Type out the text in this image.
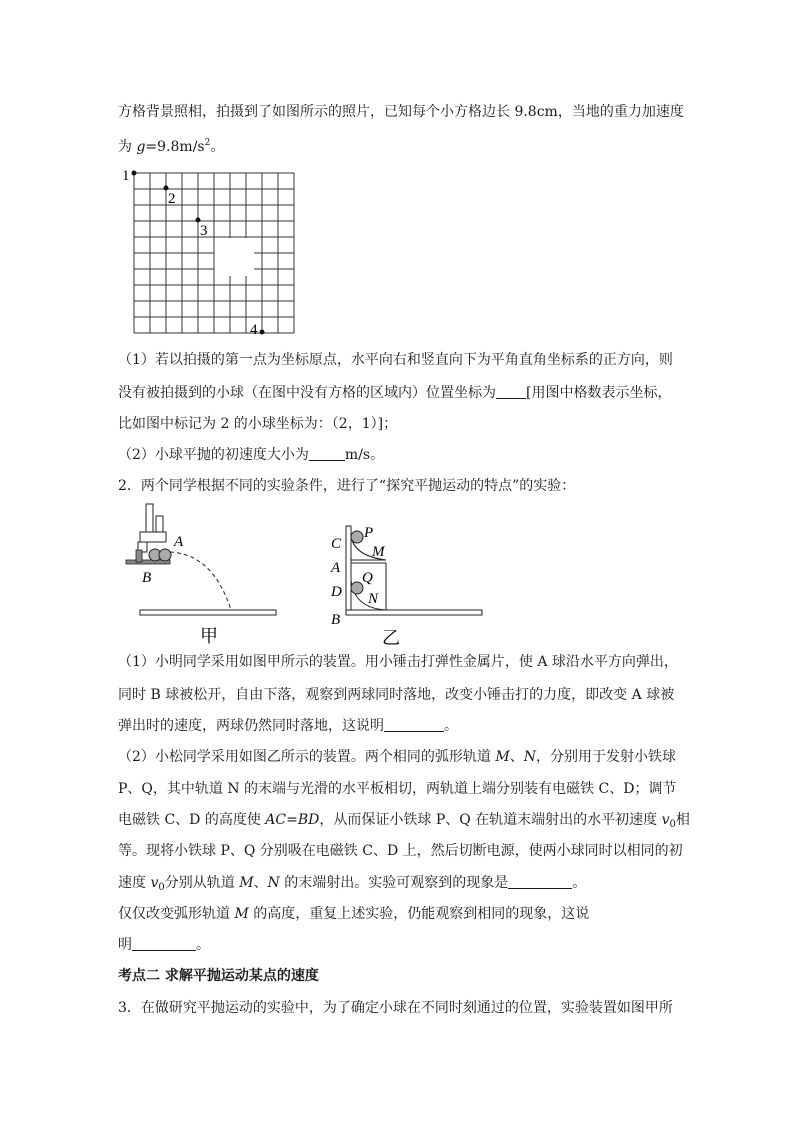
方格背景照相，拍摄到了如图所示的照片，已知每个小方格边长 9.8cm，当地的重力加速度
为 $g=9.8m/s^2$。
1
2
3
4
（1）若以拍摄的第一点为坐标原点，水平向右和竖直向下为平角直角坐标系的正方向，则
没有被拍摄到的小球（在图中没有方格的区域内）位置坐标为 [用图中格数表示坐标，
比如图中标记为 2 的小球坐标为：（2，1）]；
（2）小球平抛的初速度大小为	m/s。
2．两个同学根据不同的实验条件，进行了“探究平抛运动的特点”的实验：
A
B
甲
C
P
M
A
Q
D N
B
乙
（1）小明同学采用如图甲所示的装置。用小锤击打弹性金属片，使 A 球沿水平方向弹出，
同时 B 球被松开，自由下落，观察到两球同时落地，改变小锤击打的力度，即改变 A 球被
弹出时的速度，两球仍然同时落地，这说明	。
（2）小松同学采用如图乙所示的装置。两个相同的弧形轨道 M、N，分别用于发射小铁球
P、Q，其中轨道 N 的末端与光滑的水平板相切，两轨道上端分别装有电磁铁 C、D；调节
电磁铁 C、D 的高度使 AC=BD，从而保证小铁球 P、Q 在轨道末端射出的水平初速度 $v_0$相
等。现将小铁球 P、Q 分别吸在电磁铁 C、D 上，然后切断电源，使两小球同时以相同的初
速度 $v_0$分别从轨道 M、N 的末端射出。实验可观察到的现象是	。
仅仅改变弧形轨道 M 的高度，重复上述实验，仍能观察到相同的现象，这说
明	。
考点二 求解平抛运动某点的速度
3．在做研究平抛运动的实验中，为了确定小球在不同时刻通过的位置，实验装置如图甲所
